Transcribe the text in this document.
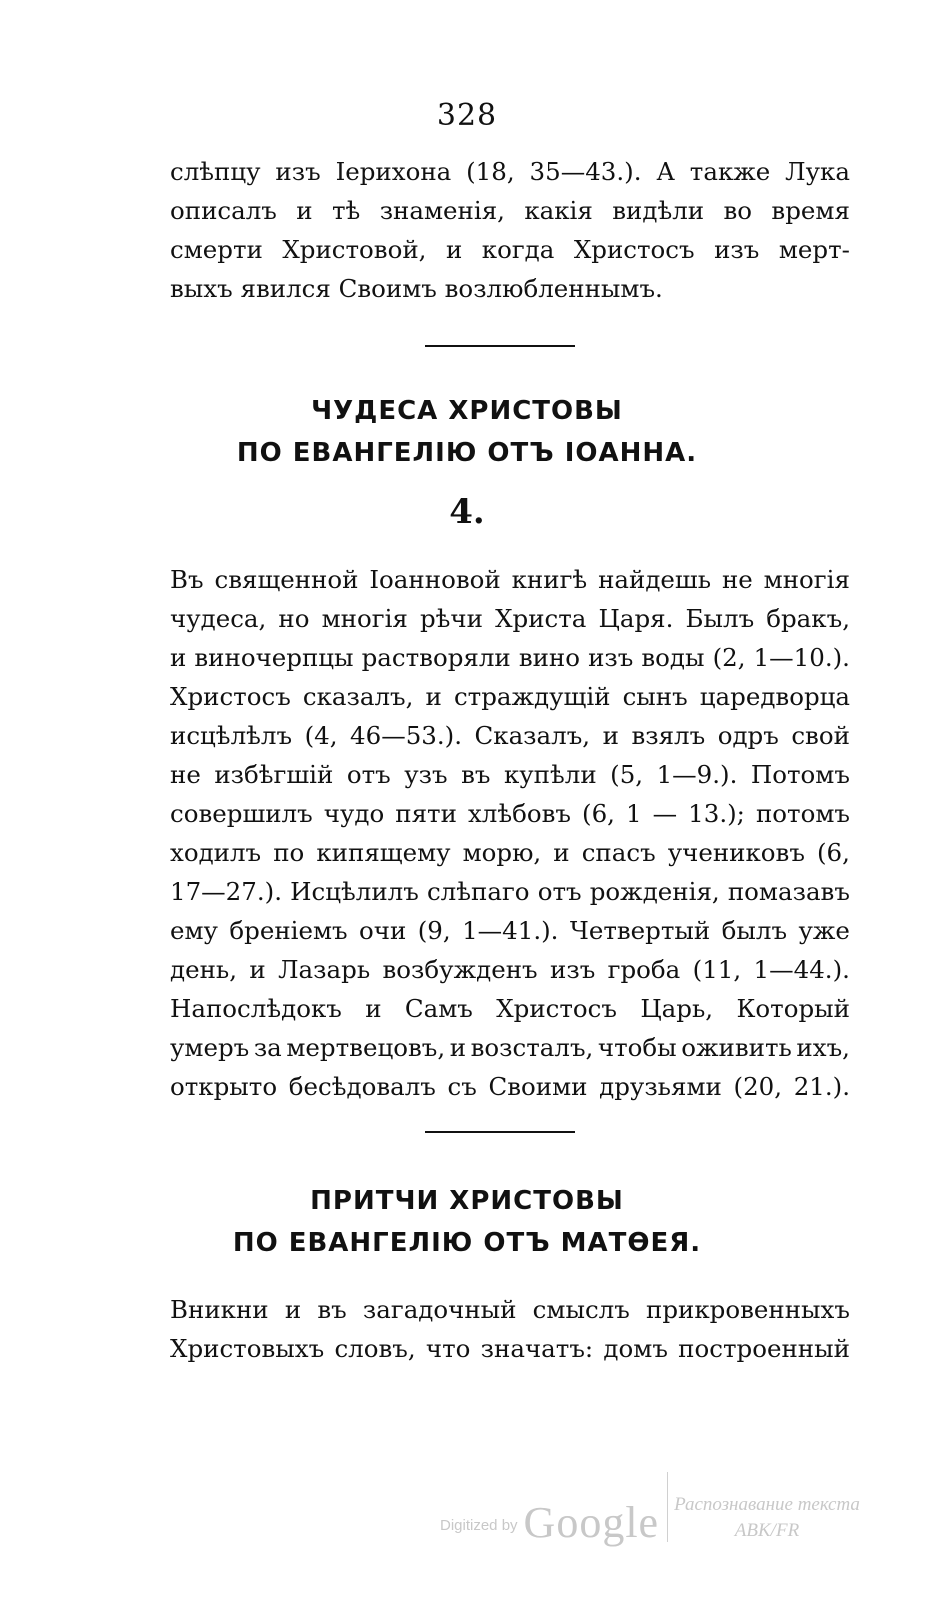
328
слѣпцу изъ Іерихона (18, 35—43.). А также Лука
описалъ и тѣ знаменія, какія видѣли во время
смерти Христовой, и когда Христосъ изъ мерт-
выхъ явился Своимъ возлюбленнымъ.
ЧУДЕСА ХРИСТОВЫ
ПО ЕВАНГЕЛІЮ ОТЪ ІОАННА.
4.
Въ священной Іоанновой книгѣ найдешь не многія
чудеса, но многія рѣчи Христа Царя. Былъ бракъ,
и виночерпцы растворяли вино изъ воды (2, 1—10.).
Христосъ сказалъ, и страждущій сынъ царедворца
исцѣлѣлъ (4, 46—53.). Сказалъ, и взялъ одръ свой
не избѣгшій отъ узъ въ купѣли (5, 1—9.). Потомъ
совершилъ чудо пяти хлѣбовъ (6, 1 — 13.); потомъ
ходилъ по кипящему морю, и спасъ учениковъ (6,
17—27.). Исцѣлилъ слѣпаго отъ рожденія, помазавъ
ему бреніемъ очи (9, 1—41.). Четвертый былъ уже
день, и Лазарь возбужденъ изъ гроба (11, 1—44.).
Напослѣдокъ и Самъ Христосъ Царь, Который
умеръ за мертвецовъ, и возсталъ, чтобы оживить ихъ,
открыто бесѣдовалъ съ Своими друзьями (20, 21.).
ПРИТЧИ ХРИСТОВЫ
ПО ЕВАНГЕЛІЮ ОТЪ МАТѲЕЯ.
Вникни и въ загадочный смыслъ прикровенныхъ
Христовыхъ словъ, что значатъ: домъ построенный
Digitized by Google Распознавание текста
ABK/FR
